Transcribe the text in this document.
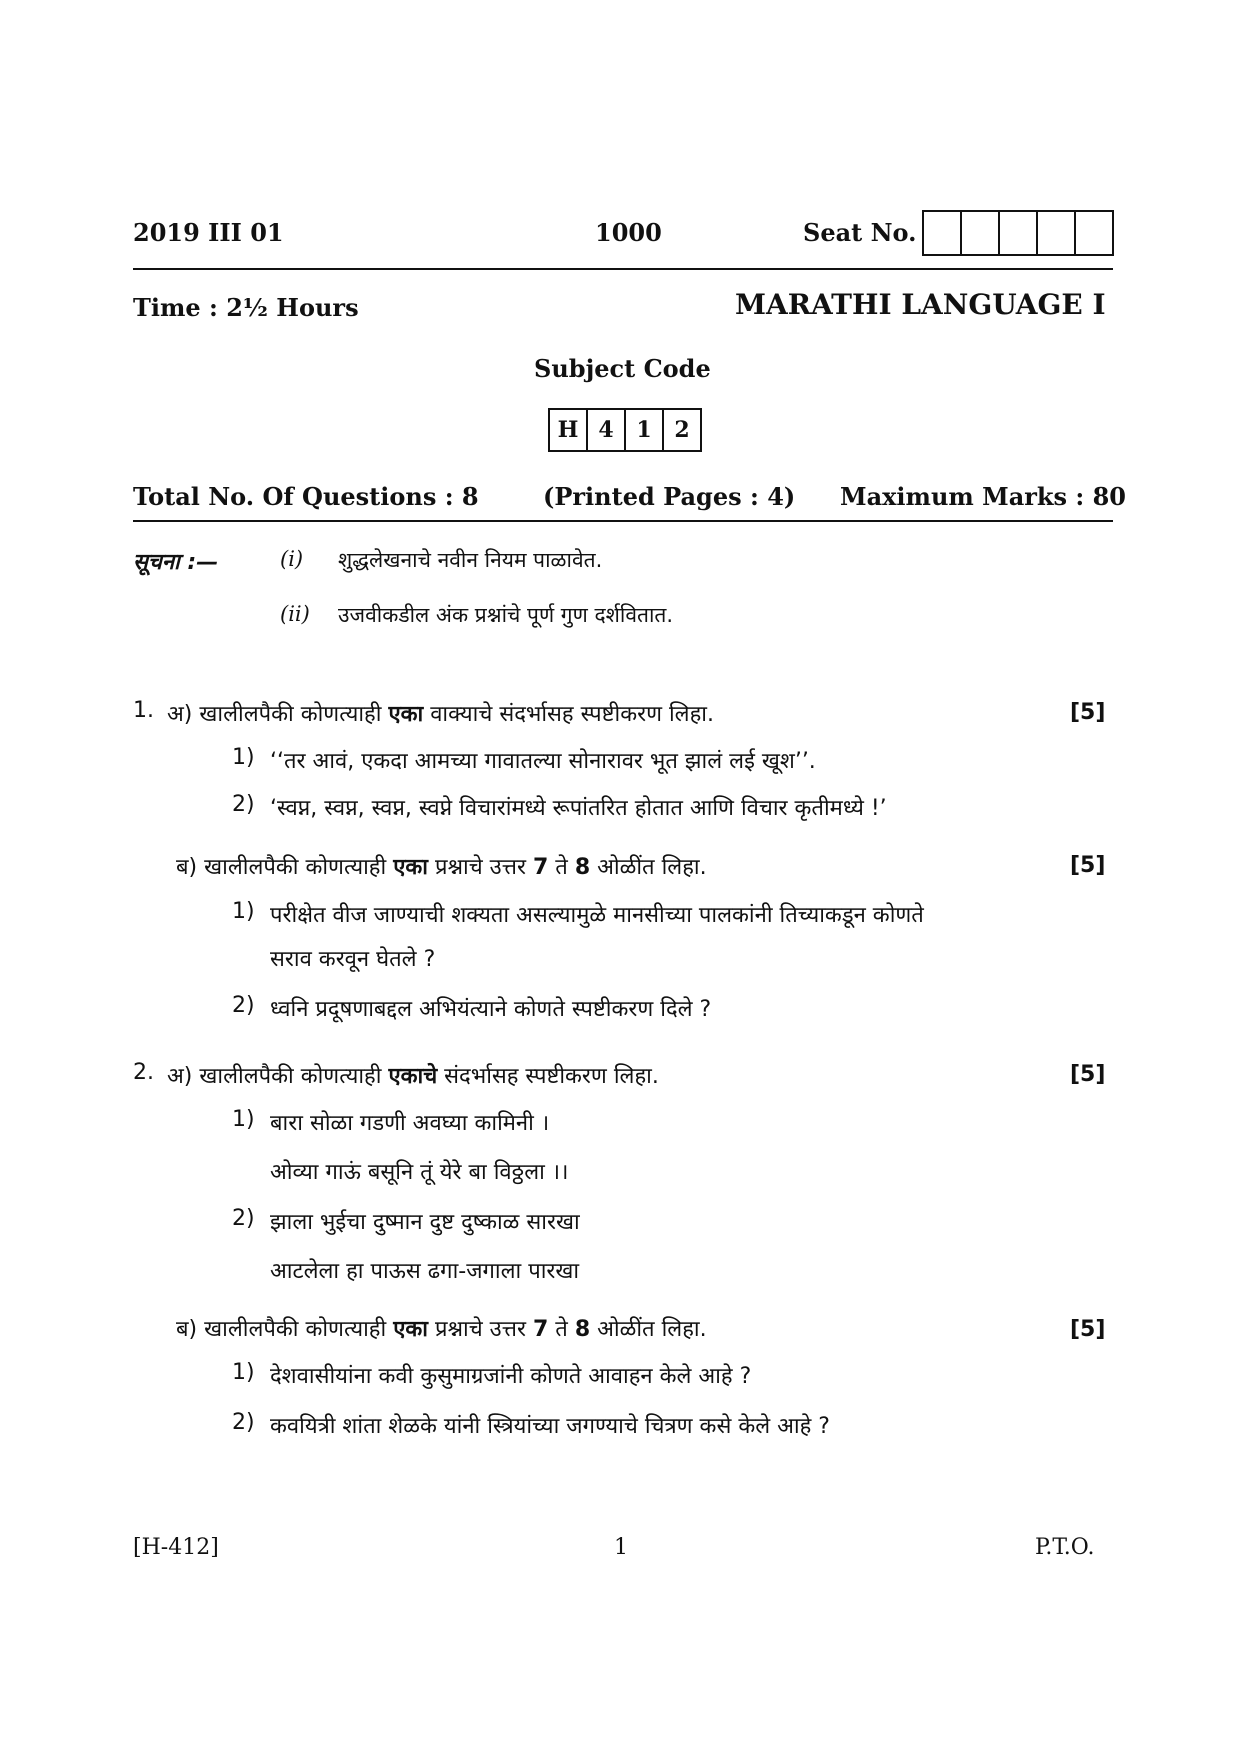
2019 III 01	1000	Seat No.
Time : 2½ Hours	MARATHI LANGUAGE I
Subject Code
H 4	1	2
Total No. Of Questions : 8	(Printed Pages : 4) Maximum Marks : 80
सूचना :—	(i) शुद्धलेखनाचे नवीन नियम पाळावेत.
(ii) उजवीकडील अंक प्रश्नांचे पूर्ण गुण दर्शवितात.
1. अ) खालीलपैकी कोणत्याही एका वाक्याचे संदर्भासह स्पष्टीकरण लिहा.	[5]
1) ‘‘तर आवं, एकदा आमच्या गावातल्या सोनारावर भूत झालं लई खूश’’.
2) ‘स्वप्न, स्वप्न, स्वप्न, स्वप्ने विचारांमध्ये रूपांतरित होतात आणि विचार कृतीमध्ये !’
ब) खालीलपैकी कोणत्याही एका प्रश्नाचे उत्तर 7 ते 8 ओळींत लिहा.	[5]
1) परीक्षेत वीज जाण्याची शक्यता असल्यामुळे मानसीच्या पालकांनी तिच्याकडून कोणते
सराव करवून घेतले ?
2) ध्वनि प्रदूषणाबद्दल अभियंत्याने कोणते स्पष्टीकरण दिले ?
2. अ) खालीलपैकी कोणत्याही एकाचे संदर्भासह स्पष्टीकरण लिहा.	[5]
1) बारा सोळा गडणी अवघ्या कामिनी ।
ओव्या गाऊं बसूनि तूं येरे बा विठ्ठला ।।
2) झाला भुईचा दुष्मान दुष्ट दुष्काळ सारखा
आटलेला हा पाऊस ढगा-जगाला पारखा
ब) खालीलपैकी कोणत्याही एका प्रश्नाचे उत्तर 7 ते 8 ओळींत लिहा.	[5]
1) देशवासीयांना कवी कुसुमाग्रजांनी कोणते आवाहन केले आहे ?
2) कवयित्री शांता शेळके यांनी स्त्रियांच्या जगण्याचे चित्रण कसे केले आहे ?
[H-412]	1	P.T.O.
